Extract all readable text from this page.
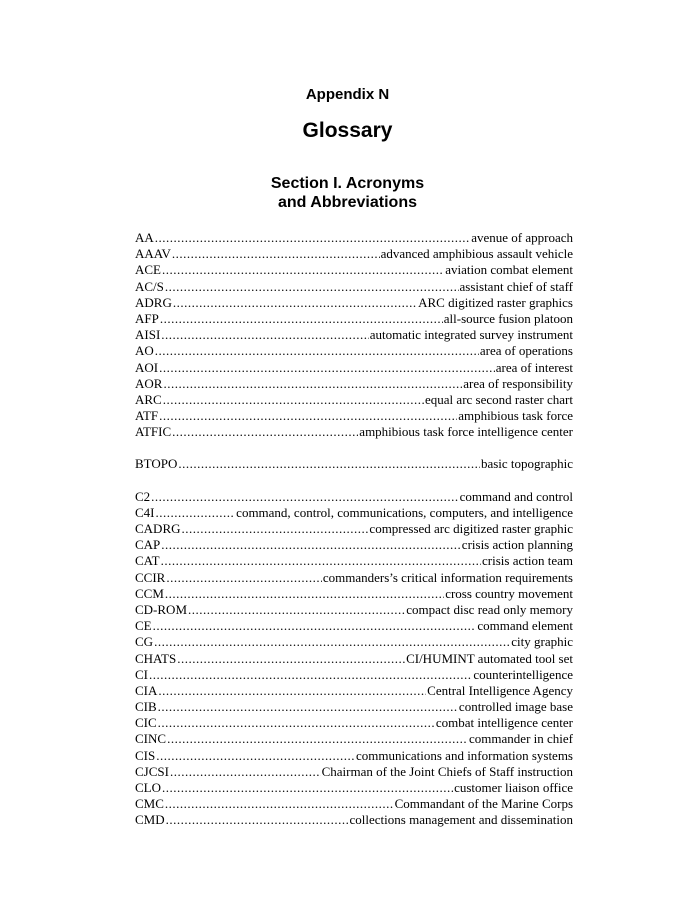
Appendix N
Glossary
Section I. Acronyms
and Abbreviations
AA .....	avenue of approach
AAAV .....	advanced amphibious assault vehicle
ACE .....	aviation combat element
AC/S .....	assistant chief of staff
ADRG .....	ARC digitized raster graphics
AFP .....	all-source fusion platoon
AISI .....	automatic integrated survey instrument
AO .....	area of operations
AOI .....	area of interest
AOR .....	area of responsibility
ARC .....	equal arc second raster chart
ATF .....	amphibious task force
ATFIC .....	amphibious task force intelligence center
BTOPO .....	basic topographic
C2 .....	command and control
C4I .....	command, control, communications, computers, and intelligence
CADRG .....	compressed arc digitized raster graphic
CAP .....	crisis action planning
CAT .....	crisis action team
CCIR .....	commanders’s critical information requirements
CCM .....	cross country movement
CD-ROM .....	compact disc read only memory
CE .....	command element
CG .....	city graphic
CHATS .....	CI/HUMINT automated tool set
CI .....	counterintelligence
CIA .....	Central Intelligence Agency
CIB .....	controlled image base
CIC .....	combat intelligence center
CINC .....	commander in chief
CIS .....	communications and information systems
CJCSI .....	Chairman of the Joint Chiefs of Staff instruction
CLO .....	customer liaison office
CMC .....	Commandant of the Marine Corps
CMD .....	collections management and dissemination
